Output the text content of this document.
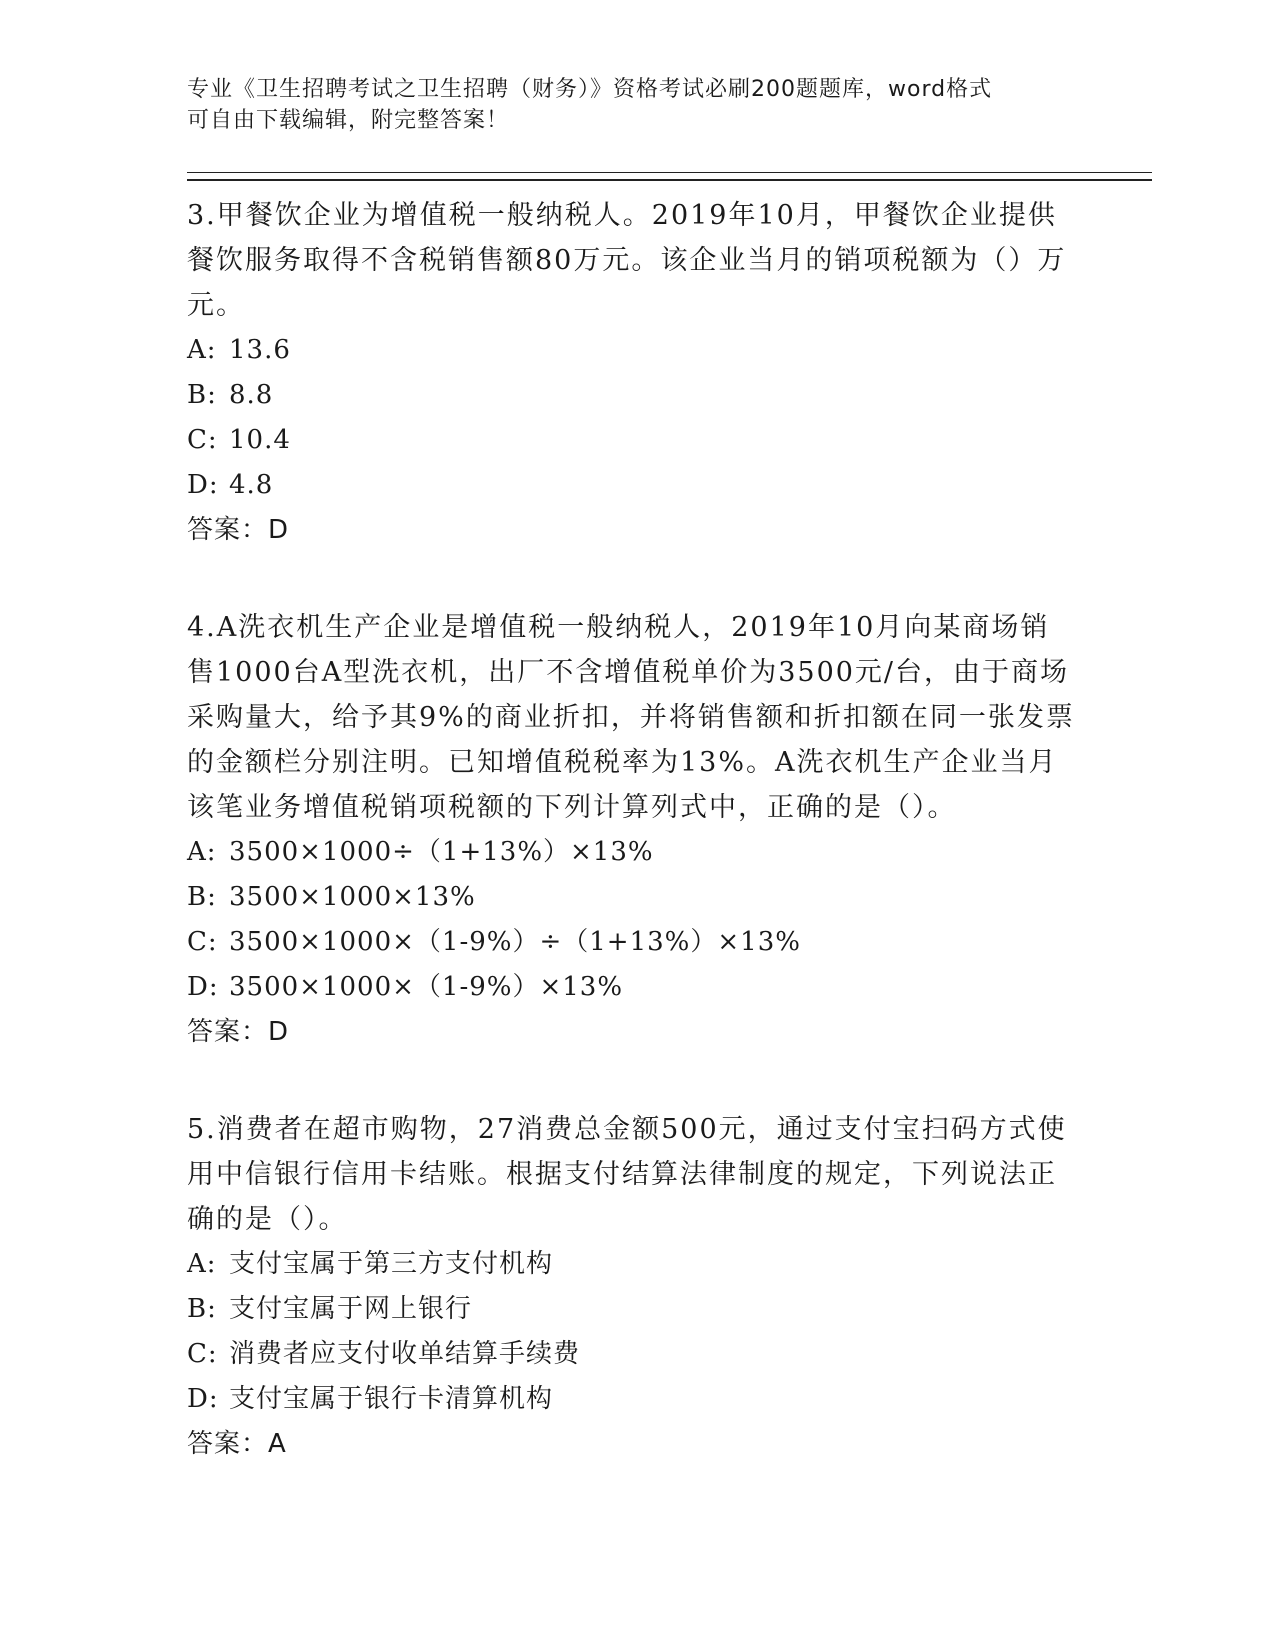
专业《卫生招聘考试之卫生招聘（财务）》资格考试必刷200题题库，word格式
可自由下载编辑，附完整答案！
3.甲餐饮企业为增值税一般纳税人。2019年10月，甲餐饮企业提供餐饮服务取得不含税销售额80万元。该企业当月的销项税额为（）万元。
A: 13.6
B: 8.8
C: 10.4
D: 4.8
答案：D
4.A洗衣机生产企业是增值税一般纳税人，2019年10月向某商场销售1000台A型洗衣机，出厂不含增值税单价为3500元/台，由于商场采购量大，给予其9%的商业折扣，并将销售额和折扣额在同一张发票的金额栏分别注明。已知增值税税率为13%。A洗衣机生产企业当月该笔业务增值税销项税额的下列计算列式中，正确的是（）。
A: 3500×1000÷（1+13%）×13%
B: 3500×1000×13%
C: 3500×1000×（1-9%）÷（1+13%）×13%
D: 3500×1000×（1-9%）×13%
答案：D
5.消费者在超市购物，27消费总金额500元，通过支付宝扫码方式使用中信银行信用卡结账。根据支付结算法律制度的规定，下列说法正确的是（）。
A: 支付宝属于第三方支付机构
B: 支付宝属于网上银行
C: 消费者应支付收单结算手续费
D: 支付宝属于银行卡清算机构
答案：A
